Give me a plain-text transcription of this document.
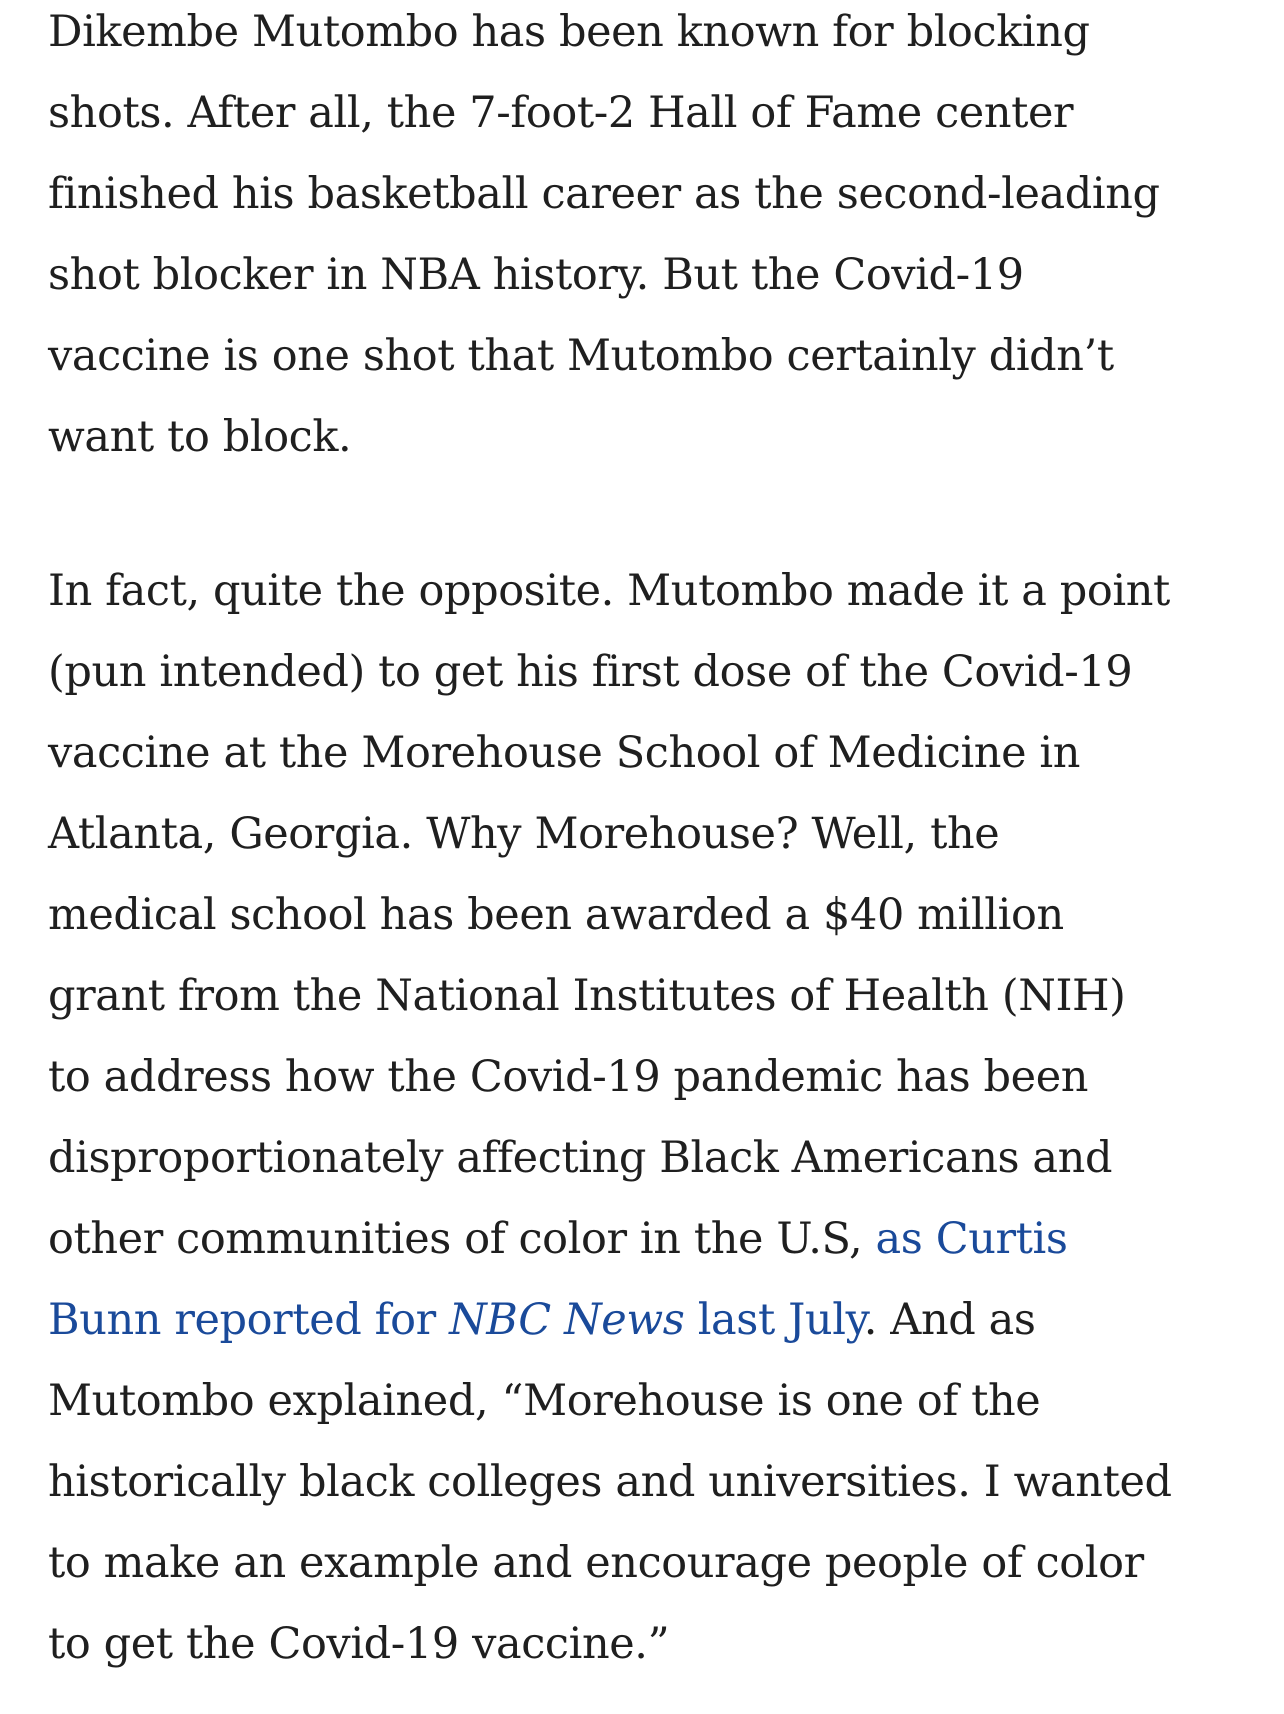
Dikembe Mutombo has been known for blocking
shots. After all, the 7-foot-2 Hall of Fame center
finished his basketball career as the second-leading
shot blocker in NBA history. But the Covid-19
vaccine is one shot that Mutombo certainly didn’t
want to block.

In fact, quite the opposite. Mutombo made it a point
(pun intended) to get his first dose of the Covid-19
vaccine at the Morehouse School of Medicine in
Atlanta, Georgia. Why Morehouse? Well, the
medical school has been awarded a $40 million
grant from the National Institutes of Health (NIH)
to address how the Covid-19 pandemic has been
disproportionately affecting Black Americans and
other communities of color in the U.S, as Curtis
Bunn reported for NBC News last July. And as
Mutombo explained, “Morehouse is one of the
historically black colleges and universities. I wanted
to make an example and encourage people of color
to get the Covid-19 vaccine.”
